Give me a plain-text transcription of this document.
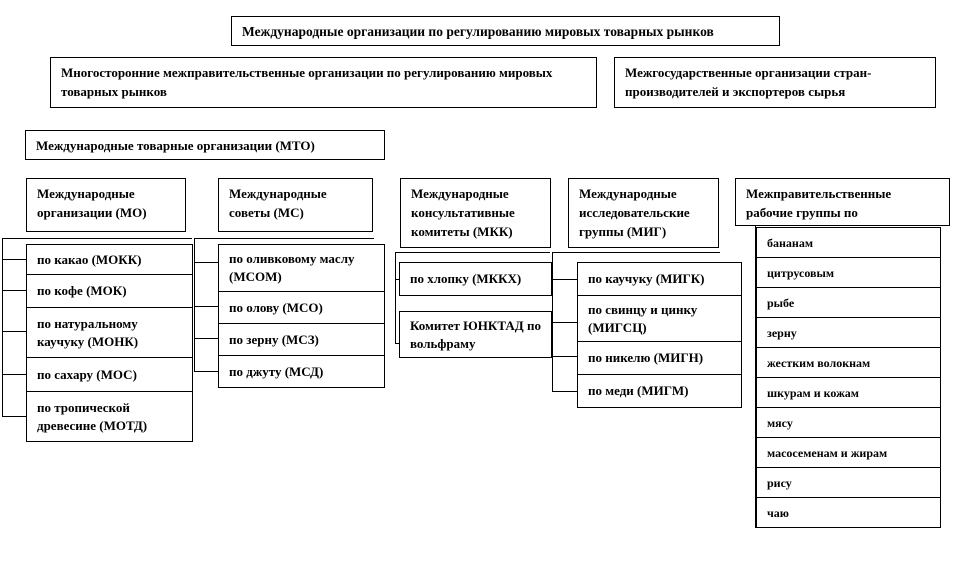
Международные организации по регулированию мировых товарных рынков
Многосторонние межправительственные организации по регулированию мировых товарных рынков
Межгосударственные организации стран-производителей и экспортеров сырья
Международные товарные организации (МТО)
Международные организации (МО)
Международные советы (МС)
Международные консультативные комитеты (МКК)
Международные исследовательские группы (МИГ)
Межправительственные рабочие группы по
по какао (МОКК)
по кофе (МОК)
по натуральному каучуку (МОНК)
по сахару (МОС)
по тропической древесине (МОТД)
по оливковому маслу (МСОМ)
по олову (МСО)
по зерну (МСЗ)
по джуту (МСД)
по хлопку (МККХ)
Комитет ЮНКТАД по вольфраму
по каучуку (МИГК)
по свинцу и цинку (МИГСЦ)
по никелю (МИГН)
по меди (МИГМ)
бананам
цитрусовым
рыбе
зерну
жестким волокнам
шкурам и кожам
мясу
масосеменам и жирам
рису
чаю
